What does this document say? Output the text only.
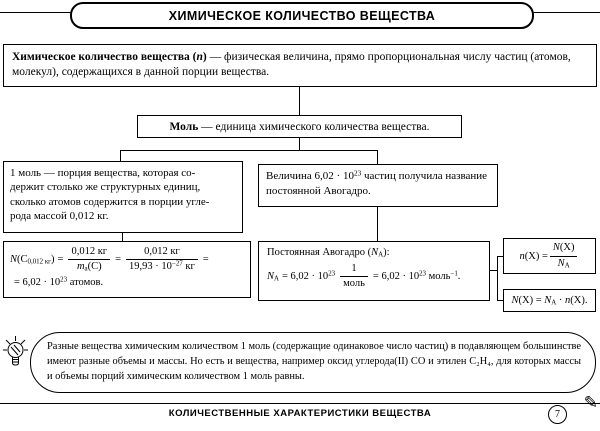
ХИМИЧЕСКОЕ КОЛИЧЕСТВО ВЕЩЕСТВА
Химическое количество вещества (n) — физическая величина, прямо пропорциональная числу частиц (атомов, молекул), содержащихся в данной порции вещества.
Моль — единица химического количества вещества.
1 моль — порция вещества, которая со-
держит столько же структурных единиц,
сколько атомов содержится в порции угле-
рода массой 0,012 кг.
Величина $6,02 \cdot 10^{23}$ частиц получила название постоянной Авогадро.
$N(C_{0,012 кг}) = \frac{0,012 кг}{m_а(C)} = \frac{0,012 кг}{19,93 \cdot 10^{-27} кг}$ =
= $6,02 \cdot 10^{23}$ атомов.
Постоянная Авогадро $(N_А)$:
$N_А = 6,02 \cdot 10^{23} \frac{1}{\text{моль}} = 6,02 \cdot 10^{23}$ моль$^{-1}$.
$n(X) = \frac{N(X)}{N_А}$
$N(X) = N_А \cdot n(X)$.
Разные вещества химическим количеством 1 моль (содержащие одинаковое число частиц) в подавляющем большинстве имеют разные объемы и массы. Но есть и вещества, например оксид углерода(II) CO и этилен C₂H₄, для которых массы и объемы порций химическим количеством 1 моль равны.
КОЛИЧЕСТВЕННЫЕ ХАРАКТЕРИСТИКИ ВЕЩЕСТВА	7
✎
